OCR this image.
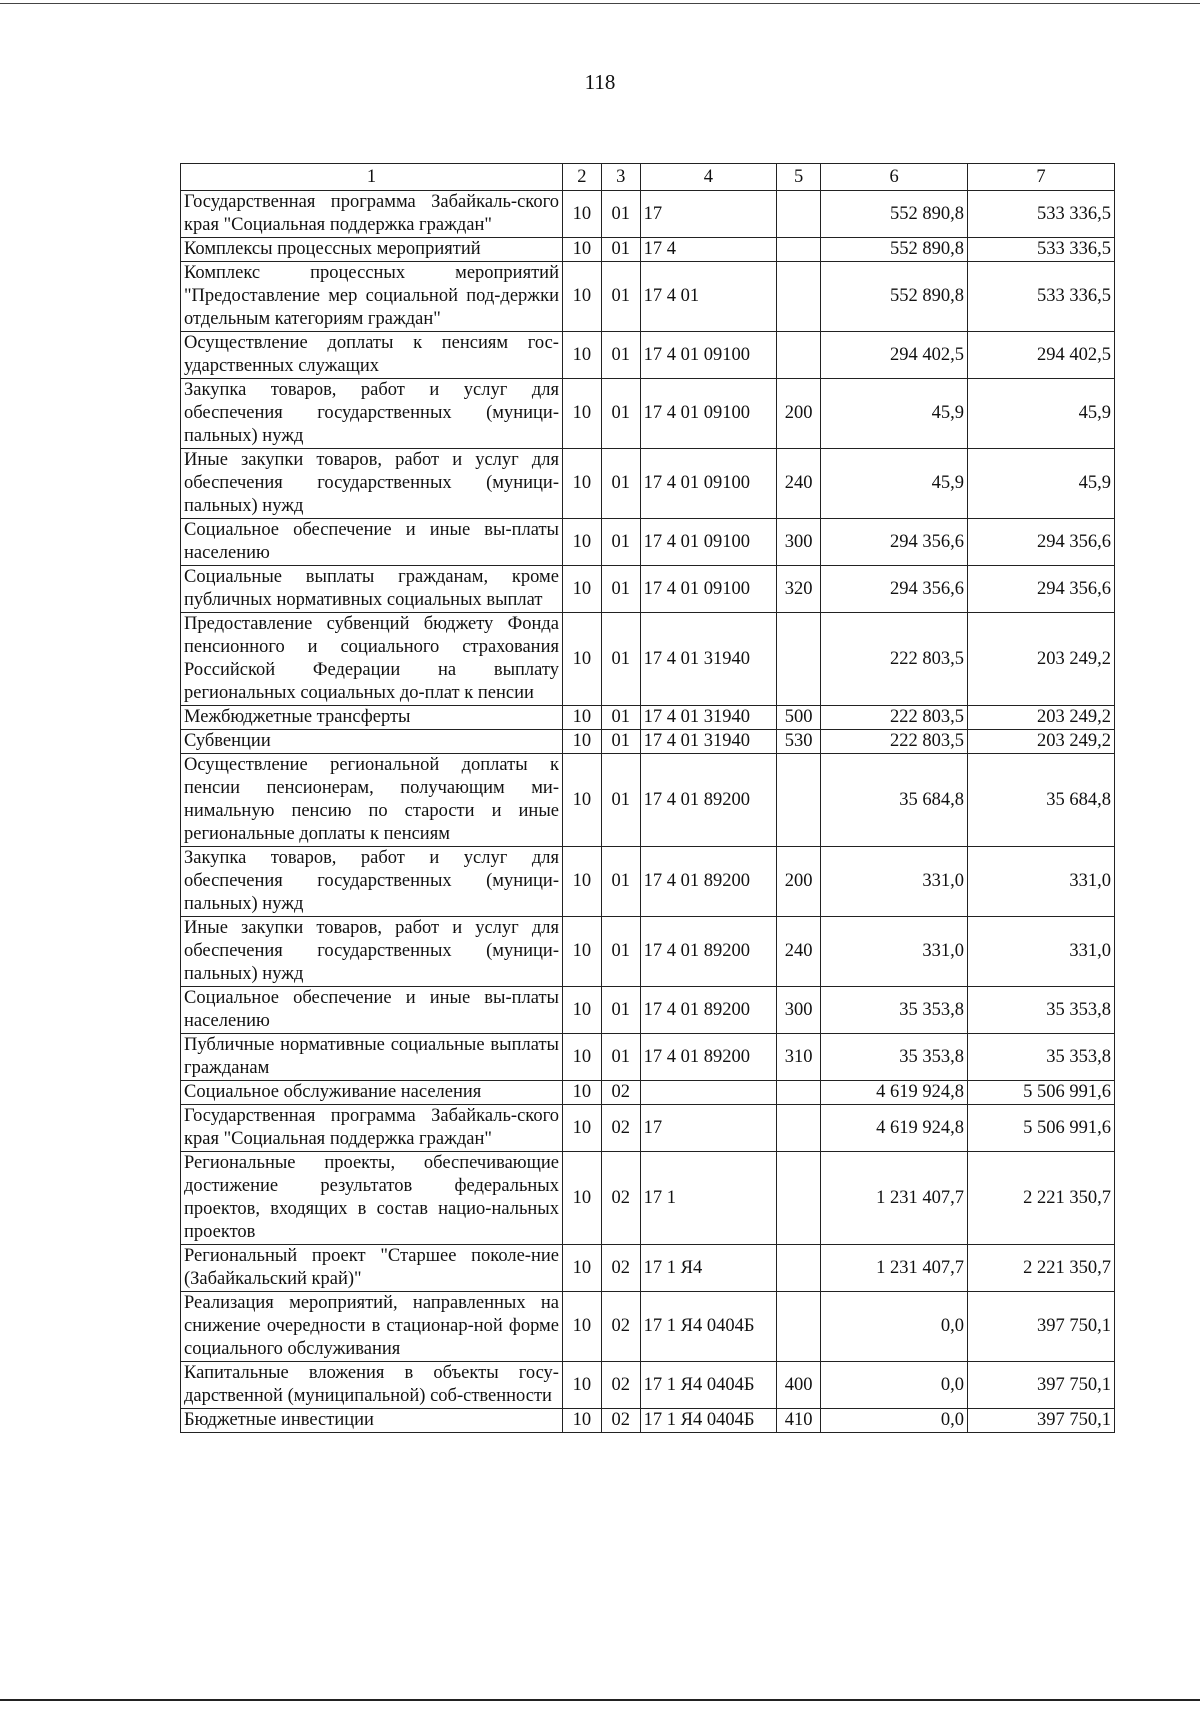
118
1	2	3	4	5	6	7
Государственная программа Забайкаль-ского края "Социальная поддержка граждан"	10	01	17		552 890,8	533 336,5
Комплексы процессных мероприятий	10	01	17 4		552 890,8	533 336,5
Комплекс процессных мероприятий "Предоставление мер социальной под-держки отдельным категориям граждан"	10	01	17 4 01		552 890,8	533 336,5
Осуществление доплаты к пенсиям гос-ударственных служащих	10	01	17 4 01 09100		294 402,5	294 402,5
Закупка товаров, работ и услуг для обеспечения государственных (муници-пальных) нужд	10	01	17 4 01 09100	200	45,9	45,9
Иные закупки товаров, работ и услуг для обеспечения государственных (муници-пальных) нужд	10	01	17 4 01 09100	240	45,9	45,9
Социальное обеспечение и иные вы-платы населению	10	01	17 4 01 09100	300	294 356,6	294 356,6
Социальные выплаты гражданам, кроме публичных нормативных социальных выплат	10	01	17 4 01 09100	320	294 356,6	294 356,6
Предоставление субвенций бюджету Фонда пенсионного и социального страхования Российской Федерации на выплату региональных социальных до-плат к пенсии	10	01	17 4 01 31940		222 803,5	203 249,2
Межбюджетные трансферты	10	01	17 4 01 31940	500	222 803,5	203 249,2
Субвенции	10	01	17 4 01 31940	530	222 803,5	203 249,2
Осуществление региональной доплаты к пенсии пенсионерам, получающим ми-нимальную пенсию по старости и иные региональные доплаты к пенсиям	10	01	17 4 01 89200		35 684,8	35 684,8
Закупка товаров, работ и услуг для обеспечения государственных (муници-пальных) нужд	10	01	17 4 01 89200	200	331,0	331,0
Иные закупки товаров, работ и услуг для обеспечения государственных (муници-пальных) нужд	10	01	17 4 01 89200	240	331,0	331,0
Социальное обеспечение и иные вы-платы населению	10	01	17 4 01 89200	300	35 353,8	35 353,8
Публичные нормативные социальные выплаты гражданам	10	01	17 4 01 89200	310	35 353,8	35 353,8
Социальное обслуживание населения	10	02			4 619 924,8	5 506 991,6
Государственная программа Забайкаль-ского края "Социальная поддержка граждан"	10	02	17		4 619 924,8	5 506 991,6
Региональные проекты, обеспечивающие достижение результатов федеральных проектов, входящих в состав нацио-нальных проектов	10	02	17 1		1 231 407,7	2 221 350,7
Региональный проект "Старшее поколе-ние (Забайкальский край)"	10	02	17 1 Я4		1 231 407,7	2 221 350,7
Реализация мероприятий, направленных на снижение очередности в стационар-ной форме социального обслуживания	10	02	17 1 Я4 0404Б		0,0	397 750,1
Капитальные вложения в объекты госу-дарственной (муниципальной) соб-ственности	10	02	17 1 Я4 0404Б	400	0,0	397 750,1
Бюджетные инвестиции	10	02	17 1 Я4 0404Б	410	0,0	397 750,1
